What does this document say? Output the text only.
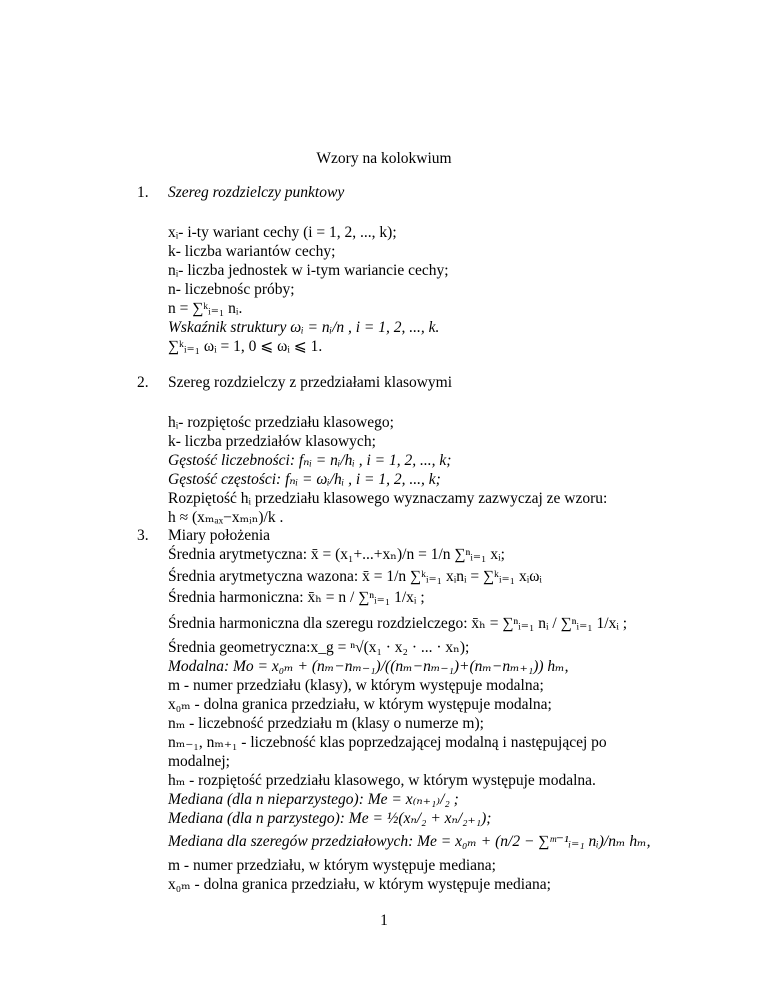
Wzory na kolokwium
1. Szereg rozdzielczy punktowy
xᵢ- i-ty wariant cechy (i = 1, 2, ..., k);
k- liczba wariantów cechy;
nᵢ- liczba jednostek w i-tym wariancie cechy;
n- liczebnośc próby;
n = ∑ᵏᵢ₌₁ nᵢ.
Wskaźnik struktury ωᵢ = nᵢ/n , i = 1, 2, ..., k.
∑ᵏᵢ₌₁ ωᵢ = 1, 0 ⩽ ωᵢ ⩽ 1.
2. Szereg rozdzielczy z przedziałami klasowymi
hᵢ- rozpiętośc przedziału klasowego;
k- liczba przedziałów klasowych;
Gęstość liczebności: fₙᵢ = nᵢ/hᵢ , i = 1, 2, ..., k;
Gęstość częstości: fₙᵢ = ωᵢ/hᵢ , i = 1, 2, ..., k;
Rozpiętość hᵢ przedziału klasowego wyznaczamy zazwyczaj ze wzoru:
h ≈ (xₘₐₓ−xₘᵢₙ)/k .
3. Miary położenia
Średnia arytmetyczna: x̄ = (x₁+...+xₙ)/n = 1/n ∑ⁿᵢ₌₁ xᵢ;
Średnia arytmetyczna wazona: x̄ = 1/n ∑ᵏᵢ₌₁ xᵢnᵢ = ∑ᵏᵢ₌₁ xᵢωᵢ
Średnia harmoniczna: x̄ₕ = n / ∑ⁿᵢ₌₁ 1/xᵢ ;
Średnia harmoniczna dla szeregu rozdzielczego: x̄ₕ = ∑ⁿᵢ₌₁ nᵢ / ∑ⁿᵢ₌₁ 1/xᵢ ;
Średnia geometryczna:x_g = ⁿ√(x₁ · x₂ · ... · xₙ);
Modalna: Mo = x₀ₘ + (nₘ−nₘ₋₁)/((nₘ−nₘ₋₁)+(nₘ−nₘ₊₁)) hₘ,
m - numer przedziału (klasy), w którym występuje modalna;
x₀ₘ - dolna granica przedziału, w którym występuje modalna;
nₘ - liczebność przedziału m (klasy o numerze m);
nₘ₋₁, nₘ₊₁ - liczebność klas poprzedzającej modalną i następującej po
modalnej;
hₘ - rozpiętość przedziału klasowego, w którym występuje modalna.
Mediana (dla n nieparzystego): Me = x₍ₙ₊₁₎/₂ ;
Mediana (dla n parzystego): Me = ½(xₙ/₂ + xₙ/₂₊₁);
Mediana dla szeregów przedziałowych: Me = x₀ₘ + (n/2 − ∑ᵐ⁻¹ᵢ₌₁ nᵢ)/nₘ hₘ,
m - numer przedziału, w którym występuje mediana;
x₀ₘ - dolna granica przedziału, w którym występuje mediana;
1
